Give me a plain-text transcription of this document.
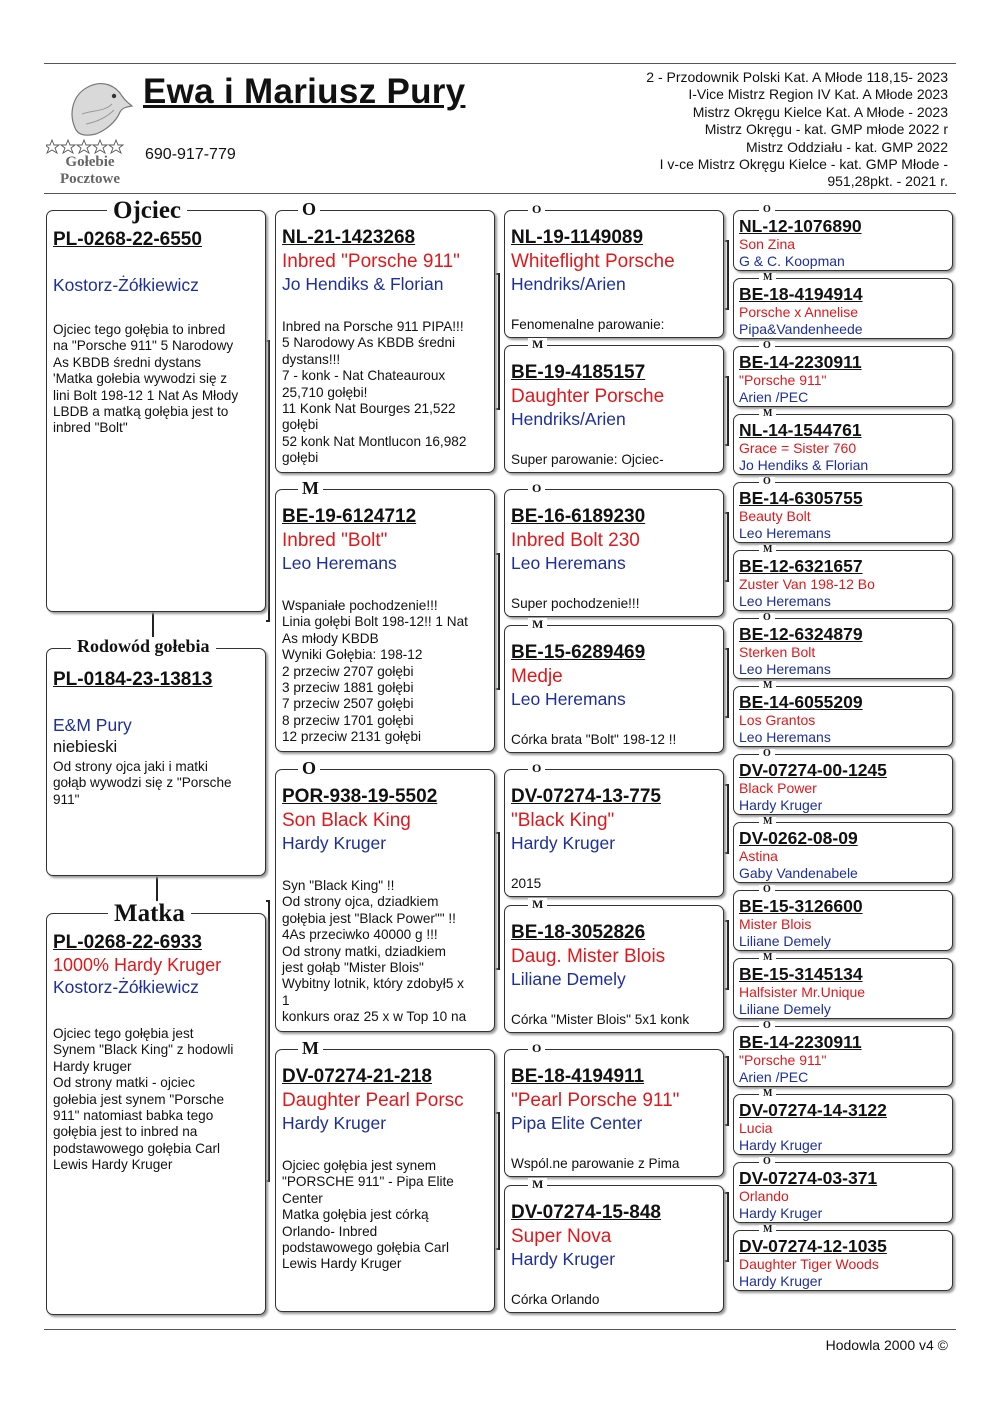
Gołebie
Pocztowe
Ewa i Mariusz Pury
690-917-779
2 - Przodownik Polski Kat. A Młode 118,15- 2023
I-Vice Mistrz Region IV Kat. A Młode 2023
Mistrz Okręgu Kielce Kat. A Młode - 2023
Mistrz Okręgu - kat. GMP młode 2022 r
Mistrz Oddziału - kat. GMP 2022
I v-ce Mistrz Okręgu Kielce - kat. GMP Młode -
951,28pkt. - 2021 r.
PL-0268-22-6550
Kostorz-Żółkiewicz
Ojciec tego gołębia to inbred
na "Porsche 911" 5 Narodowy
As KBDB średni dystans
'Matka gołebia wywodzi się z
lini Bolt 198-12 1 Nat As Młody
LBDB a matką gołębia jest to
inbred "Bolt"
Ojciec
PL-0184-23-13813
E&M Pury
niebieski
Od strony ojca jaki i matki
gołąb wywodzi się z "Porsche
911"
Rodowód gołebia
PL-0268-22-6933
1000% Hardy Kruger
Kostorz-Żółkiewicz
Ojciec tego gołębia jest
Synem "Black King" z hodowli
Hardy kruger
Od strony matki - ojciec
gołebia jest synem "Porsche
911" natomiast babka tego
gołębia jest to inbred na
podstawowego gołębia Carl
Lewis Hardy Kruger
Matka
NL-21-1423268
Inbred "Porsche 911"
Jo Hendiks & Florian
Inbred na Porsche 911 PIPA!!!
5 Narodowy As KBDB średni
dystans!!!
7 - konk - Nat Chateauroux
25,710 gołębi!
11 Konk Nat Bourges 21,522
gołębi
52 konk Nat Montlucon 16,982
gołębi
O
BE-19-6124712
Inbred "Bolt"
Leo Heremans
Wspaniałe pochodzenie!!!
Linia gołębi Bolt 198-12!! 1 Nat
As młody KBDB
Wyniki Gołębia: 198-12
2 przeciw 2707 gołębi
3 przeciw 1881 gołębi
7 przeciw 2507 gołębi
8 przeciw 1701 gołębi
12 przeciw 2131 gołębi
M
POR-938-19-5502
Son Black King
Hardy Kruger
Syn "Black King" !!
Od strony ojca, dziadkiem
gołębia jest "Black Power"" !!
4As przeciwko 40000 g !!!
Od strony matki, dziadkiem
jest gołąb "Mister Blois"
Wybitny lotnik, który zdobył5 x
1
konkurs oraz 25 x w Top 10 na
O
DV-07274-21-218
Daughter Pearl Porsc
Hardy Kruger
Ojciec gołębia jest synem
"PORSCHE 911" - Pipa Elite
Center
Matka gołębia jest córką
Orlando- Inbred
podstawowego gołębia Carl
Lewis Hardy Kruger
M
NL-19-1149089
Whiteflight Porsche
Hendriks/Arien
Fenomenalne parowanie:
O
BE-19-4185157
Daughter Porsche
Hendriks/Arien
Super parowanie: Ojciec-
M
BE-16-6189230
Inbred Bolt 230
Leo Heremans
Super pochodzenie!!!
O
BE-15-6289469
Medje
Leo Heremans
Córka brata "Bolt" 198-12 !!
M
DV-07274-13-775
"Black King"
Hardy Kruger
2015
O
BE-18-3052826
Daug. Mister Blois
Liliane Demely
Córka "Mister Blois" 5x1 konk
M
BE-18-4194911
"Pearl Porsche 911"
Pipa Elite Center
Wspól.ne parowanie z Pima
O
DV-07274-15-848
Super Nova
Hardy Kruger
Córka Orlando
M
NL-12-1076890
Son Zina
G & C. Koopman
O
BE-18-4194914
Porsche x Annelise
Pipa&Vandenheede
M
BE-14-2230911
"Porsche 911"
Arien /PEC
O
NL-14-1544761
Grace = Sister 760
Jo Hendiks & Florian
M
BE-14-6305755
Beauty Bolt
Leo Heremans
O
BE-12-6321657
Zuster Van 198-12 Bo
Leo Heremans
M
BE-12-6324879
Sterken Bolt
Leo Heremans
O
BE-14-6055209
Los Grantos
Leo Heremans
M
DV-07274-00-1245
Black Power
Hardy Kruger
O
DV-0262-08-09
Astina
Gaby Vandenabele
M
BE-15-3126600
Mister Blois
Liliane Demely
O
BE-15-3145134
Halfsister Mr.Unique
Liliane Demely
M
BE-14-2230911
"Porsche 911"
Arien /PEC
O
DV-07274-14-3122
Lucia
Hardy Kruger
M
DV-07274-03-371
Orlando
Hardy Kruger
O
DV-07274-12-1035
Daughter Tiger Woods
Hardy Kruger
M
Hodowla 2000 v4 ©
